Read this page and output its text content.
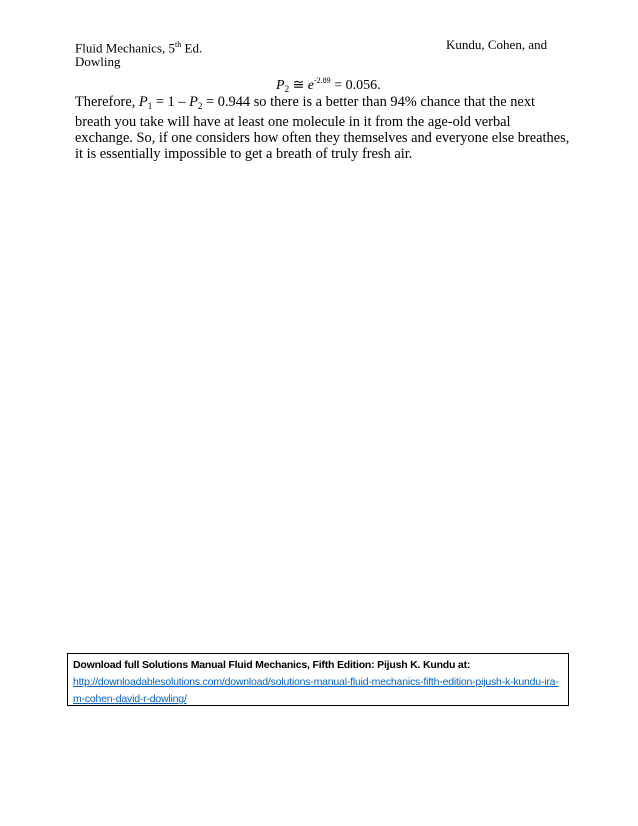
Fluid Mechanics, 5th Ed.
Dowling
Kundu, Cohen, and
$P_2$ ≅ $e^{-2.89} = 0.056$.
Therefore, $P_1 = 1 - P_2 = 0.944$ so there is a better than 94% chance that the next breath you take will have at least one molecule in it from the age-old verbal exchange. So, if one considers how often they themselves and everyone else breathes, it is essentially impossible to get a breath of truly fresh air.
Download full Solutions Manual Fluid Mechanics, Fifth Edition: Pijush K. Kundu at:
http://downloadablesolutions.com/download/solutions-manual-fluid-mechanics-fifth-edition-pijush-k-kundu-ira-m-cohen-david-r-dowling/
